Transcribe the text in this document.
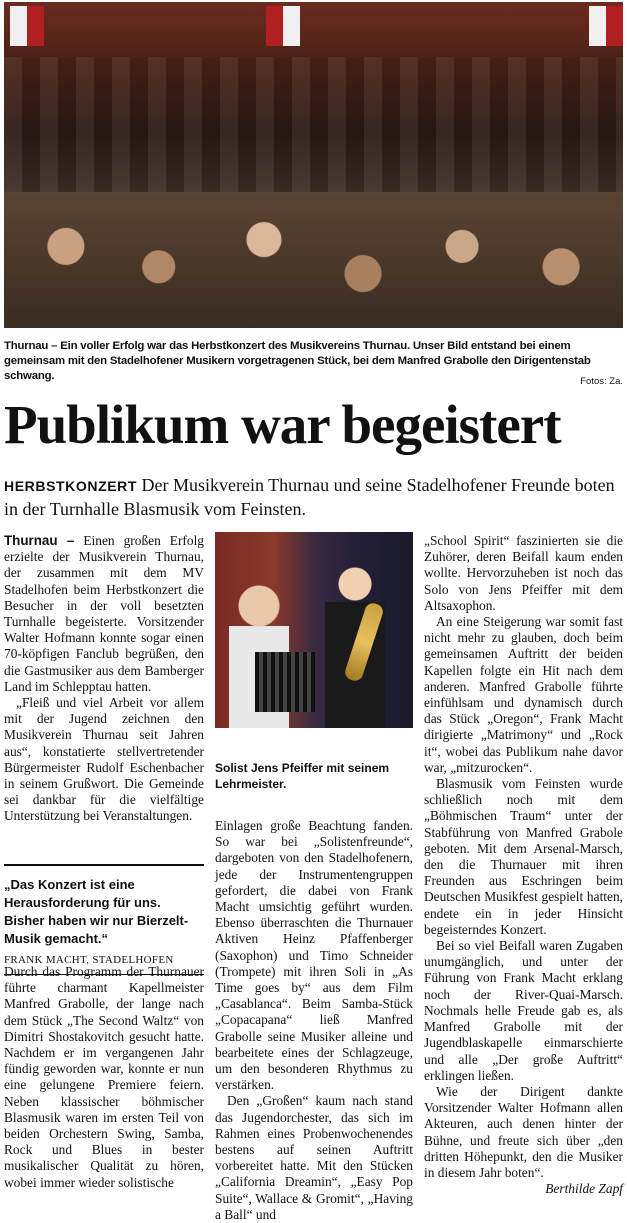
Thurnau – Ein voller Erfolg war das Herbstkonzert des Musikvereins Thurnau. Unser Bild entstand bei einem gemeinsam mit den Stadelhofener Musikern vorgetragenen Stück, bei dem Manfred Grabolle den Dirigentenstab schwang.	Fotos: Za.
Publikum war begeistert
HERBSTKONZERT Der Musikverein Thurnau und seine Stadelhofener Freunde boten in der Turnhalle Blasmusik vom Feinsten.

Thurnau – Einen großen Erfolg erzielte der Musikverein Thurnau, der zusammen mit dem MV Stadelhofen beim Herbstkonzert die Besucher in der voll besetzten Turnhalle begeisterte. Vorsitzender Walter Hofmann konnte sogar einen 70-köpfigen Fanclub begrüßen, den die Gastmusiker aus dem Bamberger Land im Schlepptau hatten.

„Fleiß und viel Arbeit vor allem mit der Jugend zeichnen den Musikverein Thurnau seit Jahren aus“, konstatierte stellvertretender Bürgermeister Rudolf Eschenbacher in seinem Grußwort. Die Gemeinde sei dankbar für die vielfältige Unterstützung bei Veranstaltungen.

„Das Konzert ist eine Herausforderung für uns. Bisher haben wir nur Bierzelt-Musik gemacht.“
FRANK MACHT, STADELHOFEN

Durch das Programm der Thurnauer führte charmant Kapellmeister Manfred Grabolle, der lange nach dem Stück „The Second Waltz“ von Dimitri Shostakovitch gesucht hatte. Nachdem er im vergangenen Jahr fündig geworden war, konnte er nun eine gelungene Premiere feiern. Neben klassischer böhmischer Blasmusik waren im ersten Teil von beiden Orchestern Swing, Samba, Rock und Blues in bester musikalischer Qualität zu hören, wobei immer wieder solistische

Solist Jens Pfeiffer mit seinem Lehrmeister.

Einlagen große Beachtung fanden. So war bei „Solistenfreunde“, dargeboten von den Stadelhofenern, jede der Instrumentengruppen gefordert, die dabei von Frank Macht umsichtig geführt wurden. Ebenso überraschten die Thurnauer Aktiven Heinz Pfaffenberger (Saxophon) und Timo Schneider (Trompete) mit ihren Soli in „As Time goes by“ aus dem Film „Casablanca“. Beim Samba-Stück „Copacapana“ ließ Manfred Grabolle seine Musiker alleine und bearbeitete eines der Schlagzeuge, um den besonderen Rhythmus zu verstärken.

Den „Großen“ kaum nach stand das Jugendorchester, das sich im Rahmen eines Probenwochenendes bestens auf seinen Auftritt vorbereitet hatte. Mit den Stücken „California Dreamin“, „Easy Pop Suite“, Wallace & Gromit“, „Having a Ball“ und

„School Spirit“ faszinierten sie die Zuhörer, deren Beifall kaum enden wollte. Hervorzuheben ist noch das Solo von Jens Pfeiffer mit dem Altsaxophon.

An eine Steigerung war somit fast nicht mehr zu glauben, doch beim gemeinsamen Auftritt der beiden Kapellen folgte ein Hit nach dem anderen. Manfred Grabolle führte einfühlsam und dynamisch durch das Stück „Oregon“, Frank Macht dirigierte „Matrimony“ und „Rock it“, wobei das Publikum nahe davor war, „mitzurocken“.

Blasmusik vom Feinsten wurde schließlich noch mit dem „Böhmischen Traum“ unter der Stabführung von Manfred Grabole geboten. Mit dem Arsenal-Marsch, den die Thurnauer mit ihren Freunden aus Eschringen beim Deutschen Musikfest gespielt hatten, endete ein in jeder Hinsicht begeisterndes Konzert.

Bei so viel Beifall waren Zugaben unumgänglich, und unter der Führung von Frank Macht erklang noch der River-Quai-Marsch. Nochmals helle Freude gab es, als Manfred Grabolle mit der Jugendblaskapelle einmarschierte und alle „Der große Auftritt“ erklingen ließen.

Wie der Dirigent dankte Vorsitzender Walter Hofmann allen Akteuren, auch denen hinter der Bühne, und freute sich über „den dritten Höhepunkt, den die Musiker in diesem Jahr boten“.
Berthilde Zapf
